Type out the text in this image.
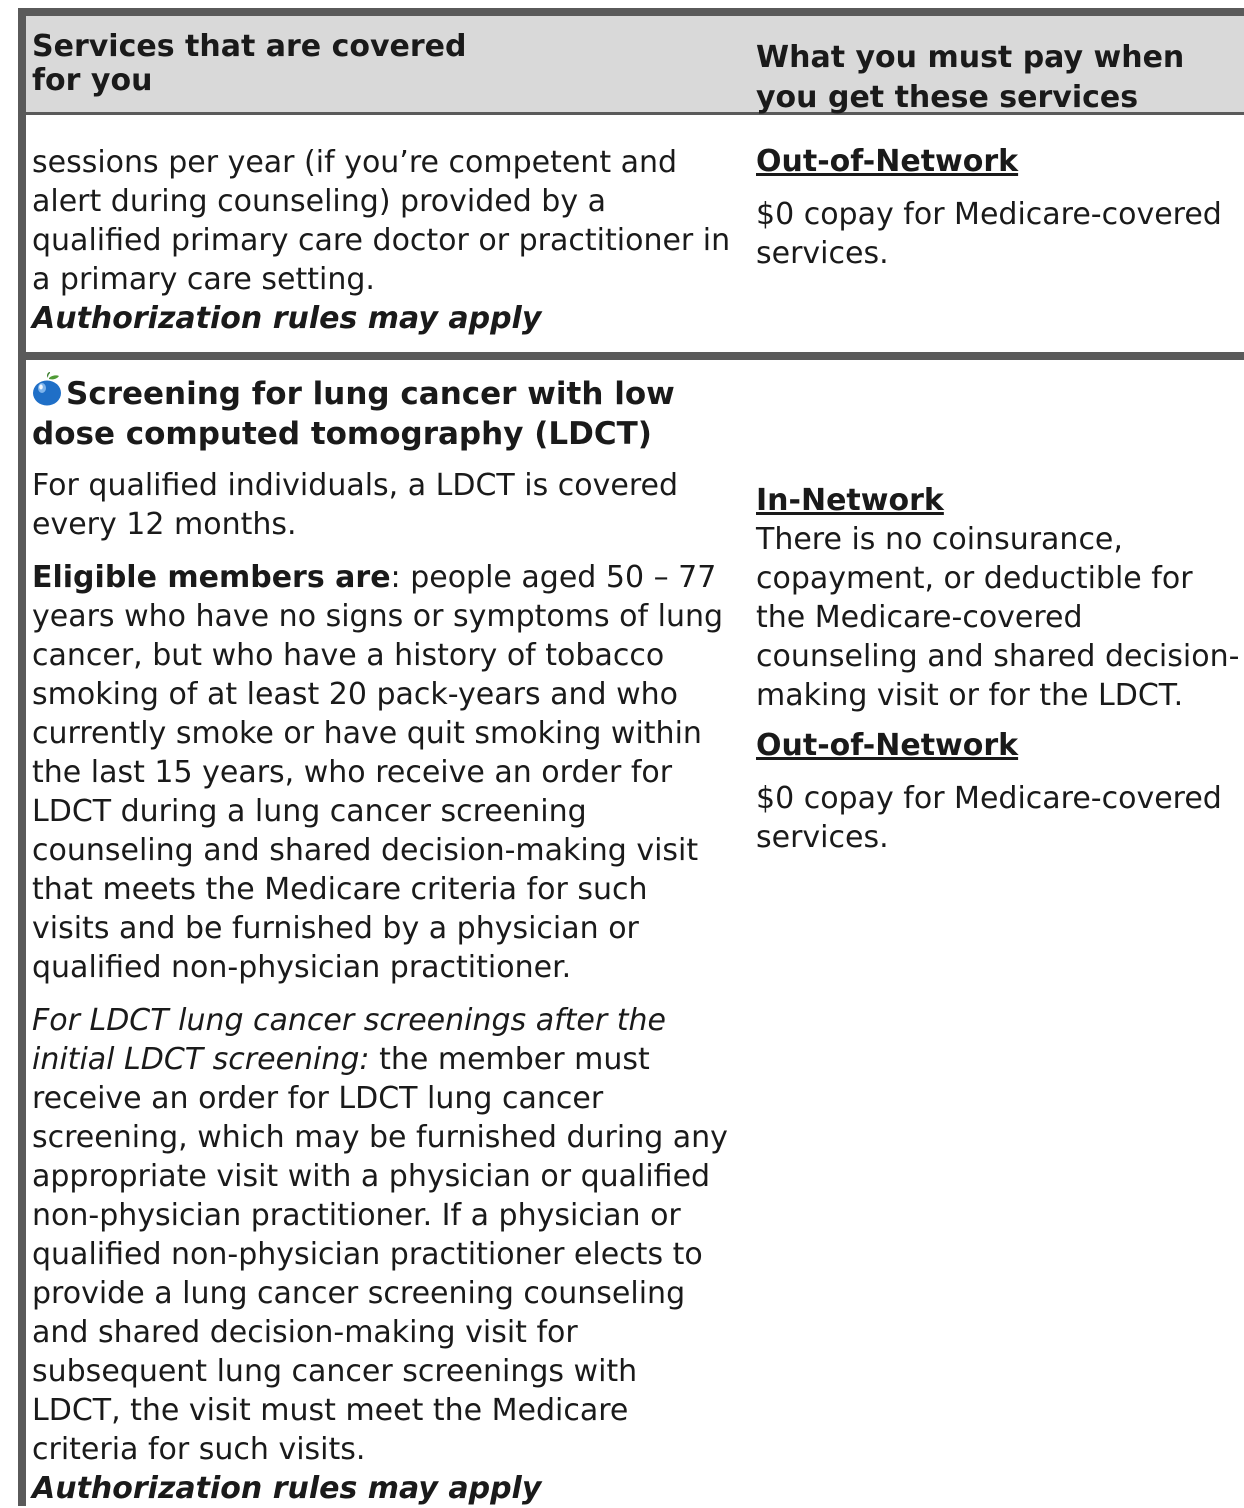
Services that are covered for you
What you must pay when you get these services

sessions per year (if you’re competent and alert during counseling) provided by a qualified primary care doctor or practitioner in a primary care setting.

Authorization rules may apply

Out-of-Network

$0 copay for Medicare-covered services.

Screening for lung cancer with low dose computed tomography (LDCT)

For qualified individuals, a LDCT is covered every 12 months.

Eligible members are: people aged 50 – 77 years who have no signs or symptoms of lung cancer, but who have a history of tobacco smoking of at least 20 pack-years and who currently smoke or have quit smoking within the last 15 years, who receive an order for LDCT during a lung cancer screening counseling and shared decision-making visit that meets the Medicare criteria for such visits and be furnished by a physician or qualified non-physician practitioner.

For LDCT lung cancer screenings after the initial LDCT screening: the member must receive an order for LDCT lung cancer screening, which may be furnished during any appropriate visit with a physician or qualified non-physician practitioner. If a physician or qualified non-physician practitioner elects to provide a lung cancer screening counseling and shared decision-making visit for subsequent lung cancer screenings with LDCT, the visit must meet the Medicare criteria for such visits.

Authorization rules may apply

In-Network

There is no coinsurance, copayment, or deductible for the Medicare-covered counseling and shared decision-making visit or for the LDCT.

Out-of-Network

$0 copay for Medicare-covered services.
